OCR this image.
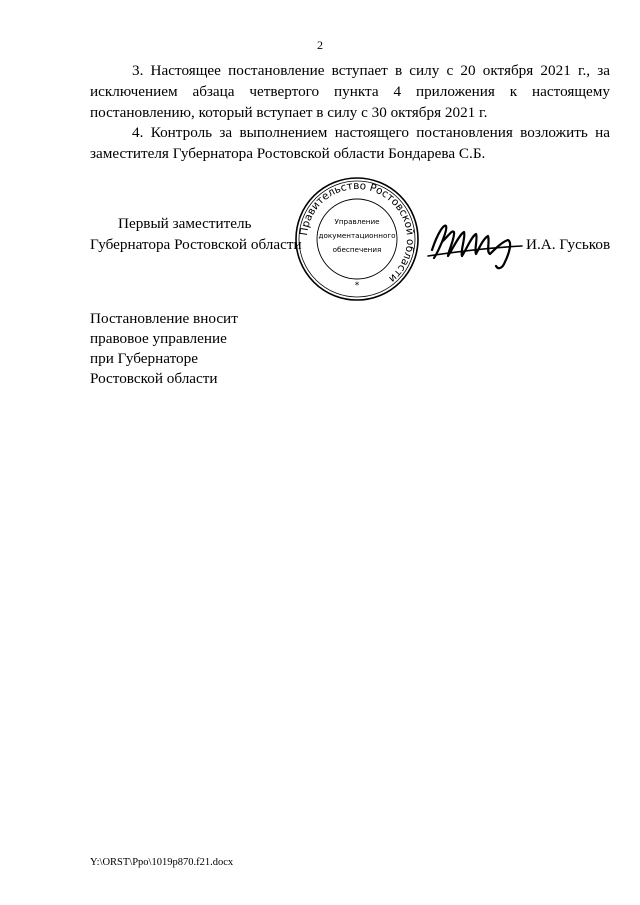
2

3. Настоящее постановление вступает в силу с 20 октября 2021 г., за исключением абзаца четвертого пункта 4 приложения к настоящему постановлению, который вступает в силу с 30 октября 2021 г.

4. Контроль за выполнением настоящего постановления возложить на заместителя Губернатора Ростовской области Бондарева С.Б.

Первый заместитель
Губернатора Ростовской области
Правительство Ростовской области
Управление
документационного
обеспечения
*
И.А. Гуськов
Постановление вносит
правовое управление
при Губернаторе
Ростовской области
Y:\ORST\Ppo\1019p870.f21.docx
